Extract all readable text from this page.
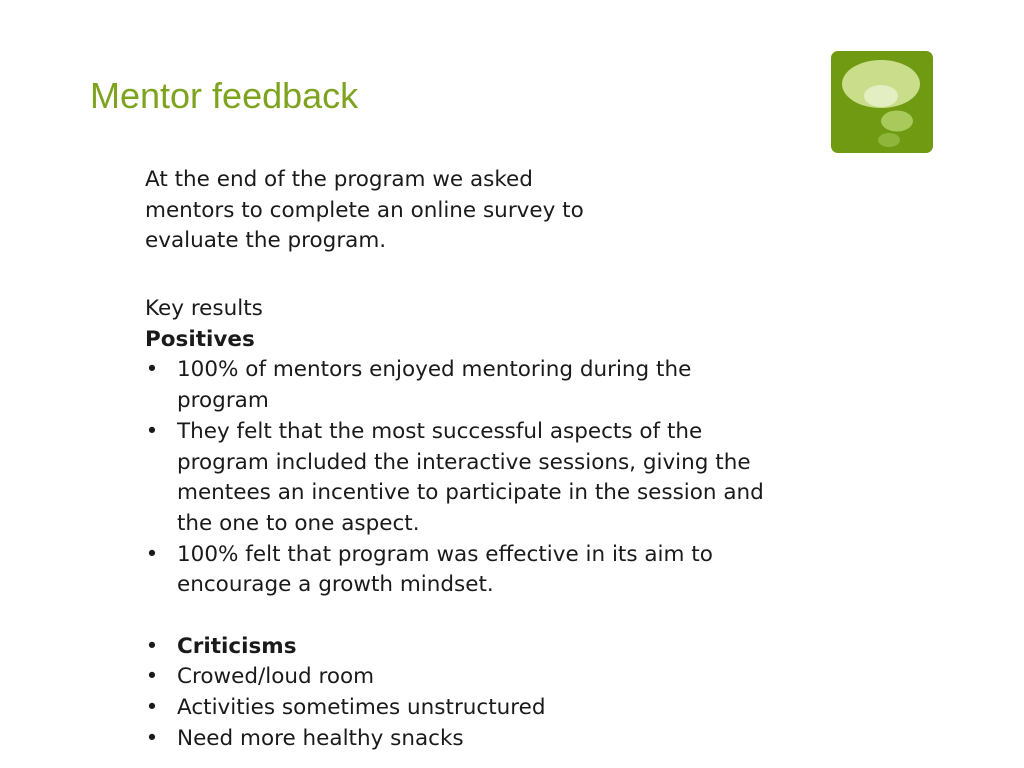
Mentor feedback

At the end of the program we asked mentors to complete an online survey to evaluate the program.

Key results

Positives

• 100% of mentors enjoyed mentoring during the program
• They felt that the most successful aspects of the program included the interactive sessions, giving the mentees an incentive to participate in the session and the one to one aspect.
• 100% felt that program was effective in its aim to encourage a growth mindset.
• Criticisms
• Crowed/loud room
• Activities sometimes unstructured
• Need more healthy snacks
